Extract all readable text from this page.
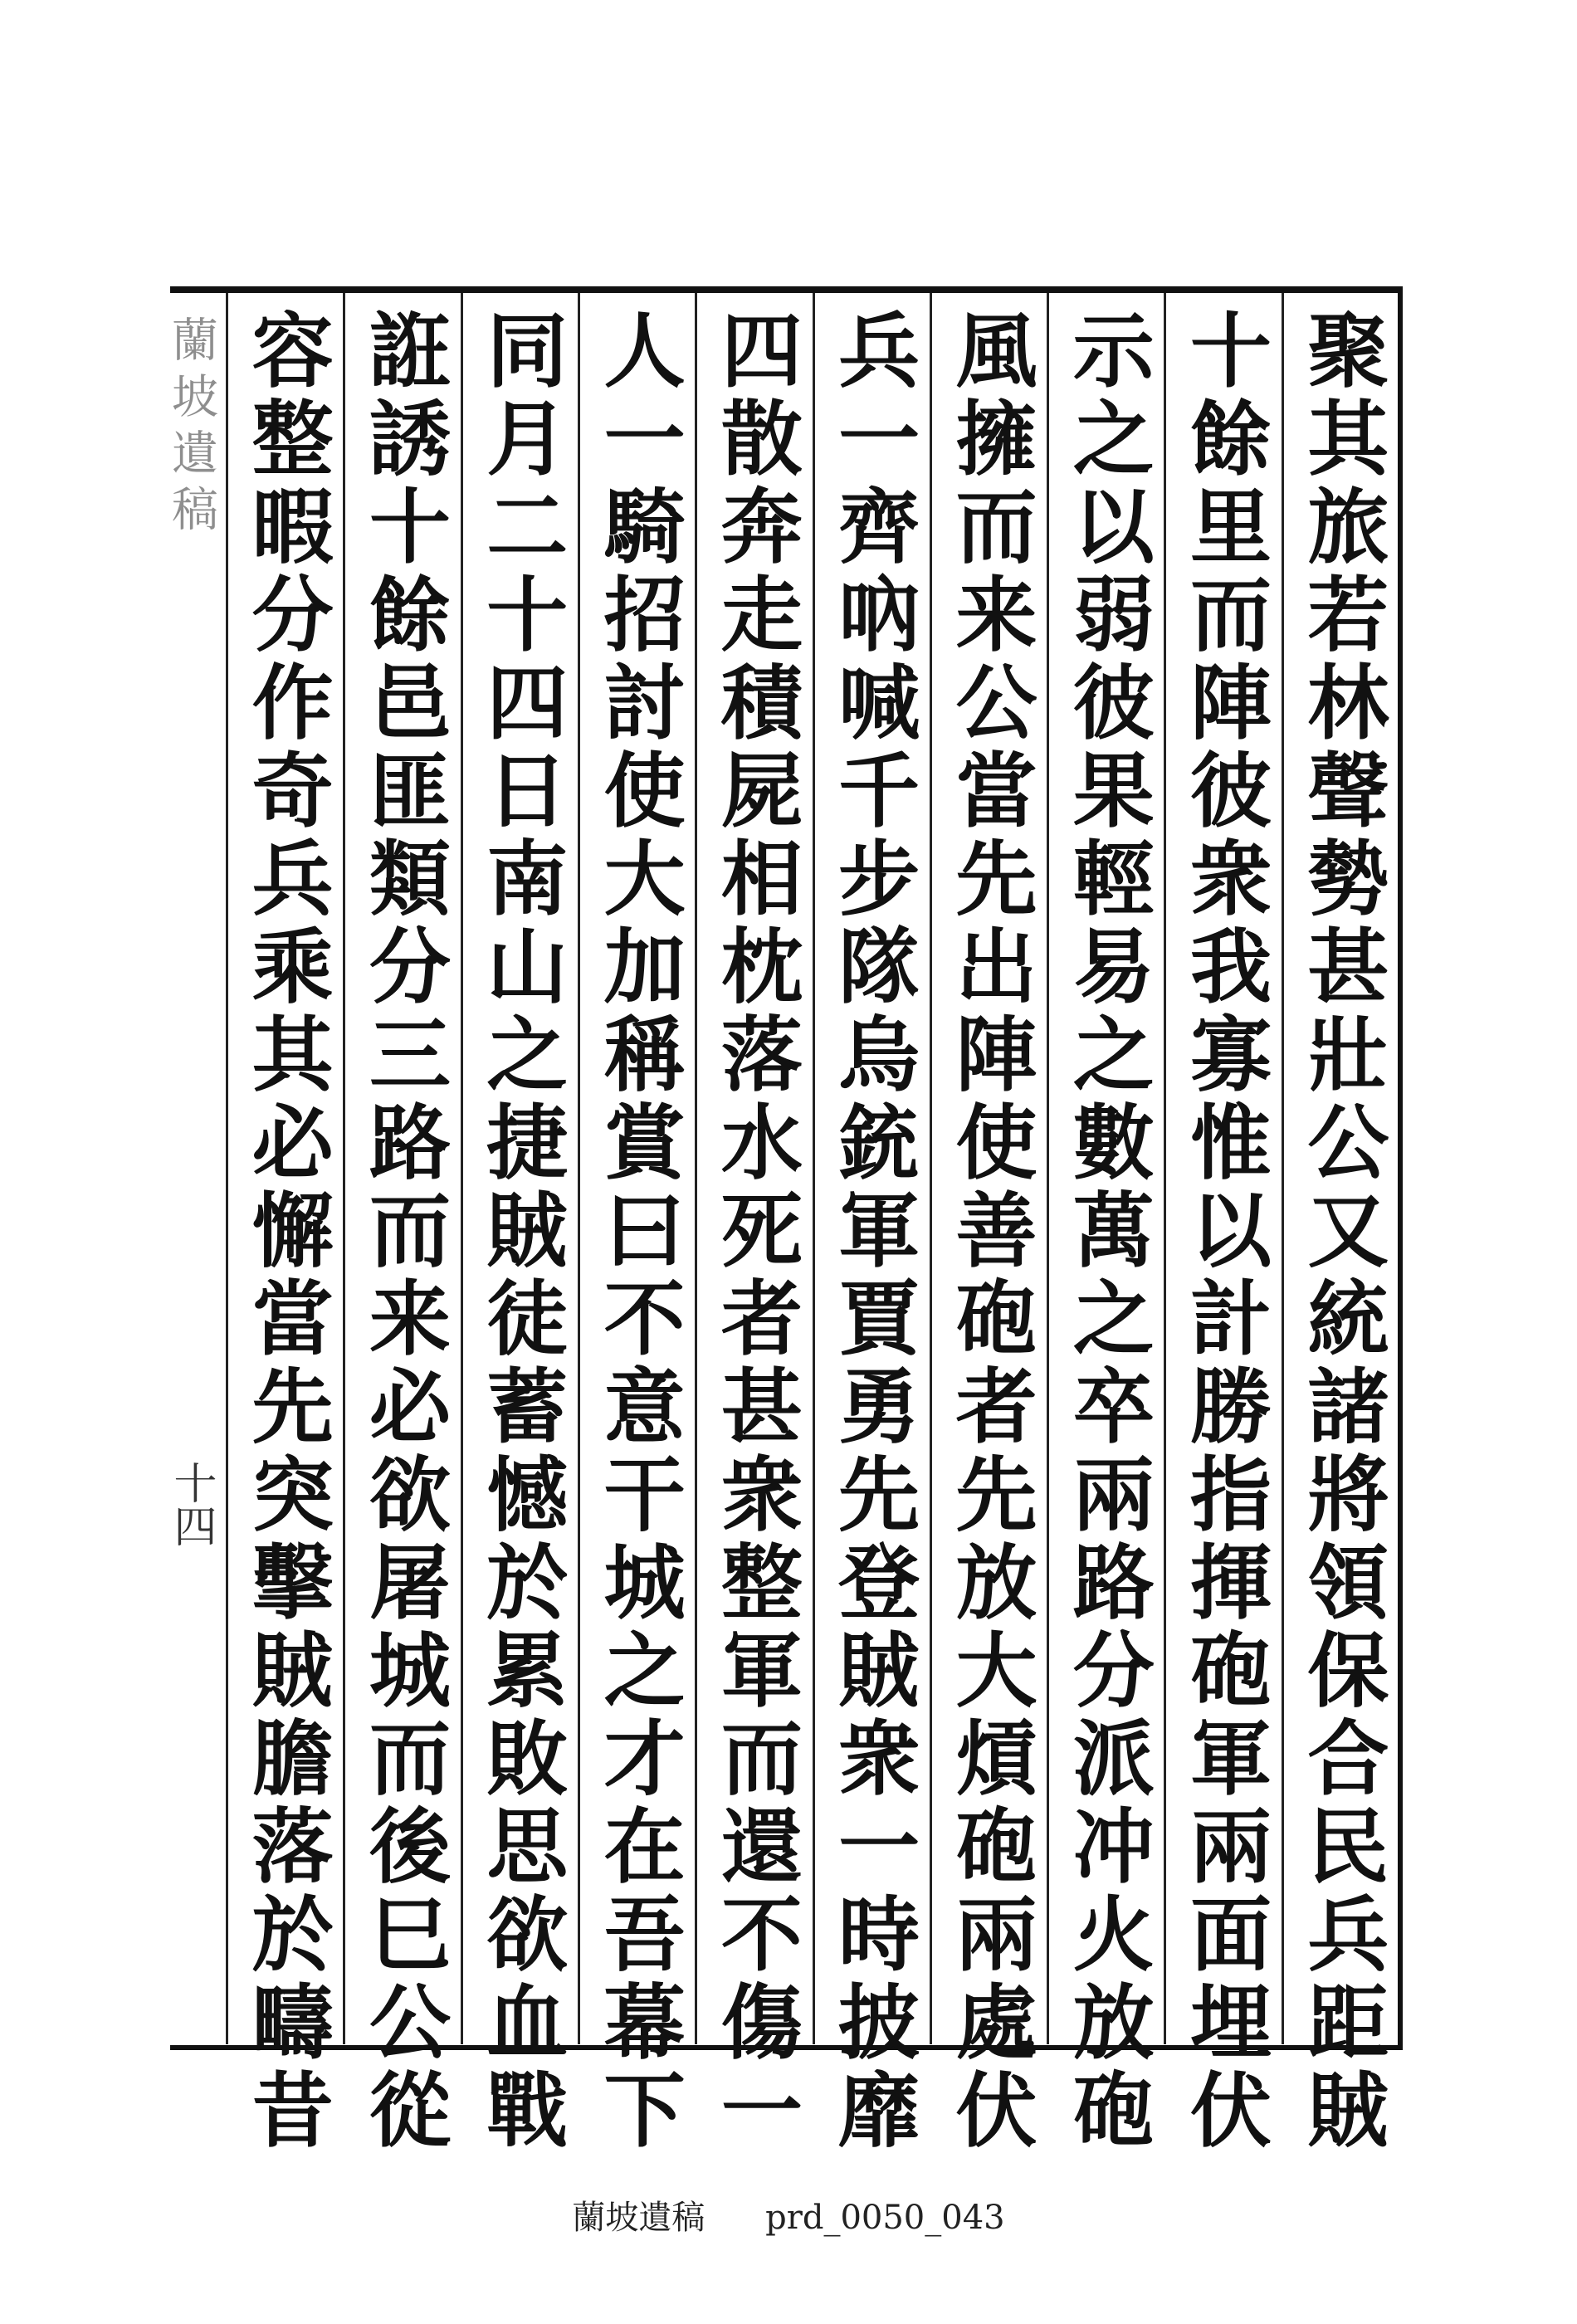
蘭坡遺稿
十四	聚其旅若林聲勢甚壯公又統諸將領保合民兵距賊
十餘里而陣彼衆我寡惟以計勝指揮砲軍兩面埋伏
示之以弱彼果輕易之數萬之卒兩路分派冲火放砲
風擁而来公當先出陣使善砲者先放大熕砲兩處伏
兵一齊吶喊千步隊烏銃軍賈勇先登賊衆一時披靡
四散奔走積屍相枕落水死者甚衆整軍而還不傷一
人一騎招討使大加稱賞曰不意干城之才在吾幕下
同月二十四日南山之捷賊徒蓄憾於累敗思欲血戰
誑誘十餘邑匪類分三路而来必欲屠城而後巳公從
容整暇分作奇兵乘其必懈當先突擊賊膽落於疇昔
蘭坡遺稿 prd_0050_043
